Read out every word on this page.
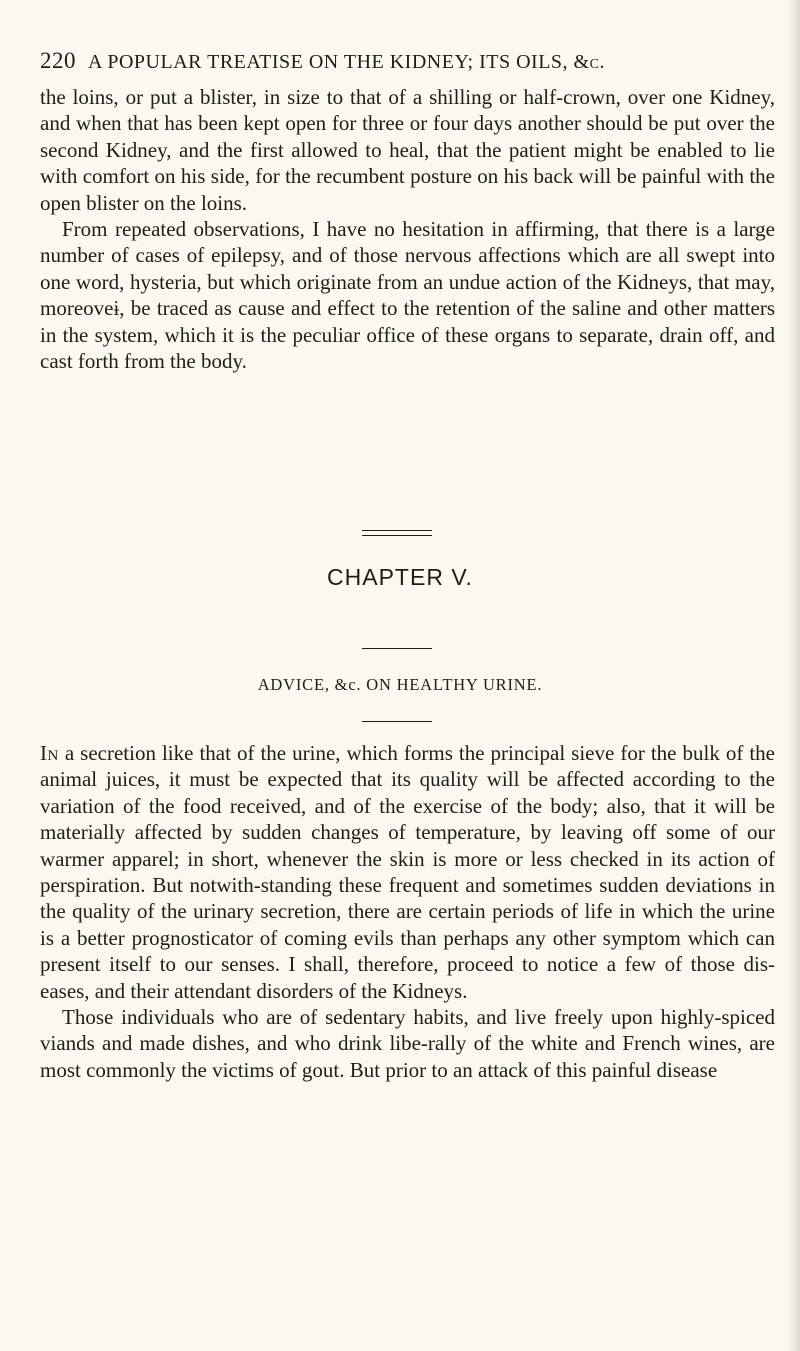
220 A POPULAR TREATISE ON THE KIDNEY; ITS OILS, &c.

the loins, or put a blister, in size to that of a shilling or half-crown, over one Kidney, and when that has been kept open for three or four days another should be put over the second Kidney, and the first allowed to heal, that the patient might be enabled to lie with comfort on his side, for the recumbent posture on his back will be painful with the open blister on the loins.

From repeated observations, I have no hesitation in affirming, that there is a large number of cases of epilepsy, and of those nervous affections which are all swept into one word, hysteria, but which originate from an undue action of the Kidneys, that may, moreoveɨ, be traced as cause and effect to the retention of the saline and other matters in the system, which it is the peculiar office of these organs to separate, drain off, and cast forth from the body.

CHAPTER V.
ADVICE, &c. ON HEALTHY URINE.

In a secretion like that of the urine, which forms the principal sieve for the bulk of the animal juices, it must be expected that its quality will be affected according to the variation of the food received, and of the exercise of the body; also, that it will be materially affected by sudden changes of temperature, by leaving off some of our warmer apparel; in short, whenever the skin is more or less checked in its action of perspiration. But notwith-standing these frequent and sometimes sudden deviations in the quality of the urinary secretion, there are certain periods of life in which the urine is a better prognosticator of coming evils than perhaps any other symptom which can present itself to our senses. I shall, therefore, proceed to notice a few of those dis-eases, and their attendant disorders of the Kidneys.

Those individuals who are of sedentary habits, and live freely upon highly-spiced viands and made dishes, and who drink libe-rally of the white and French wines, are most commonly the victims of gout. But prior to an attack of this painful disease
